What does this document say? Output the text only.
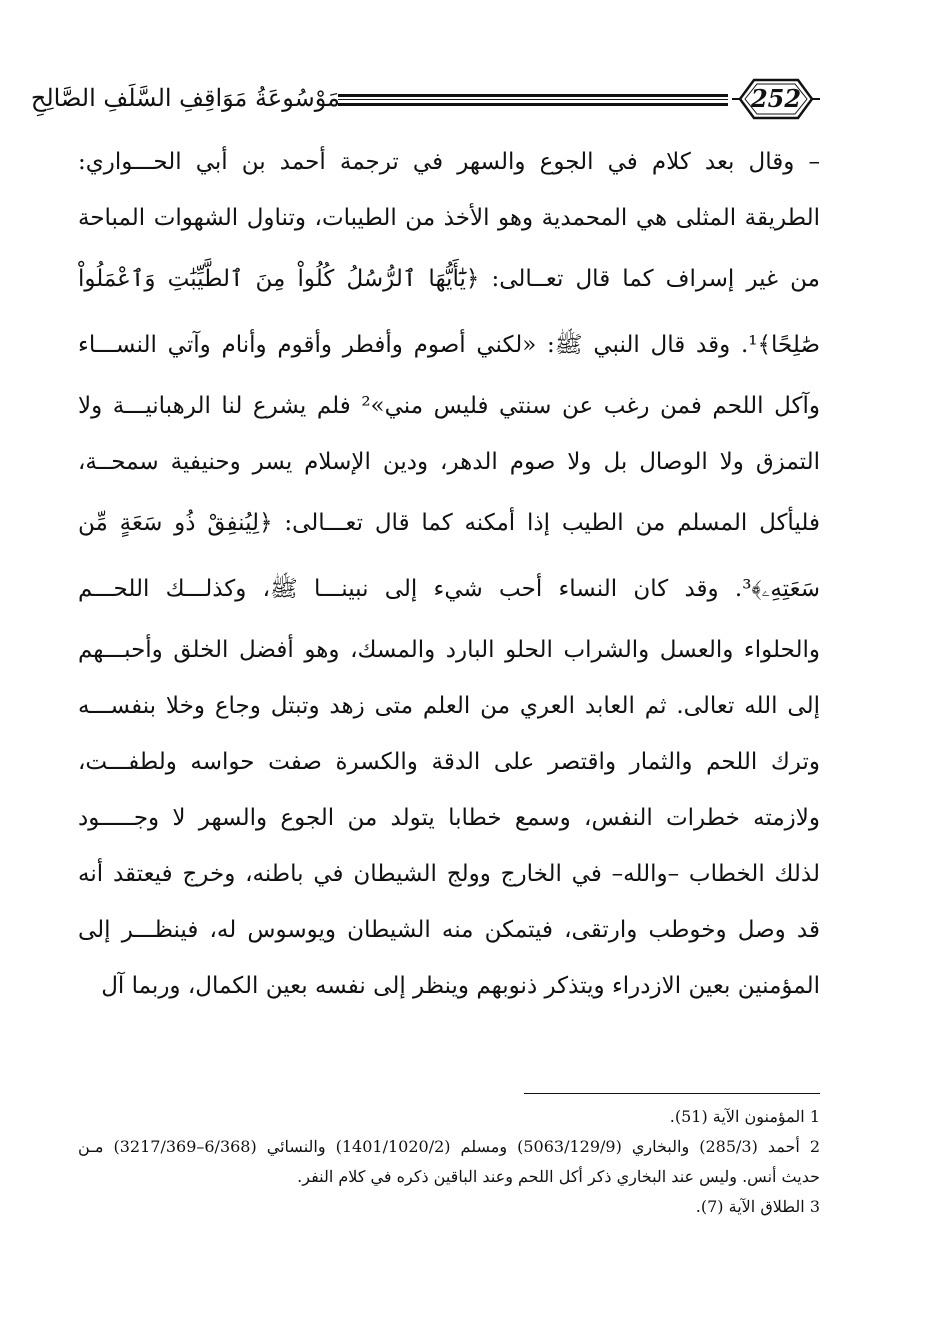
مَوْسُوعَةُ مَوَاقِفِ السَّلَفِ الصَّالِحِ	252
– وقال بعد كلام في الجوع والسهر في ترجمة أحمد بن أبي الحـــواري:
الطريقة المثلى هي المحمدية وهو الأخذ من الطيبات، وتناول الشهوات المباحة
من غير إسراف كما قال تعــالى: ﴿يَٰٓأَيُّهَا ٱلرُّسُلُ كُلُواْ مِنَ ٱلطَّيِّبَٰتِ وَٱعْمَلُواْ
صَٰلِحًا﴾¹. وقد قال النبي ﷺ: «لكني أصوم وأفطر وأقوم وأنام وآتي النســـاء
وآكل اللحم فمن رغب عن سنتي فليس مني»² فلم يشرع لنا الرهبانيـــة ولا
التمزق ولا الوصال بل ولا صوم الدهر، ودين الإسلام يسر وحنيفية سمحــة،
فليأكل المسلم من الطيب إذا أمكنه كما قال تعـــالى: ﴿لِيُنفِقْ ذُو سَعَةٍ مِّن
سَعَتِهِۦ﴾³. وقد كان النساء أحب شيء إلى نبينـــا ﷺ، وكذلـــك اللحـــم
والحلواء والعسل والشراب الحلو البارد والمسك، وهو أفضل الخلق وأحبـــهم
إلى الله تعالى. ثم العابد العري من العلم متى زهد وتبتل وجاع وخلا بنفســـه
وترك اللحم والثمار واقتصر على الدقة والكسرة صفت حواسه ولطفـــت،
ولازمته خطرات النفس، وسمع خطابا يتولد من الجوع والسهر لا وجـــــود
لذلك الخطاب –والله– في الخارج وولج الشيطان في باطنه، وخرج فيعتقد أنه
قد وصل وخوطب وارتقى، فيتمكن منه الشيطان ويوسوس له، فينظـــر إلى
المؤمنين بعين الازدراء ويتذكر ذنوبهم وينظر إلى نفسه بعين الكمال، وربما آل
1 المؤمنون الآية (51).
2 أحمد (285/3) والبخاري (5063/129/9) ومسلم (1401/1020/2) والنسائي (6/368–3217/369) مـن
حديث أنس. وليس عند البخاري ذكر أكل اللحم وعند الباقين ذكره في كلام النفر.
3 الطلاق الآية (7).
